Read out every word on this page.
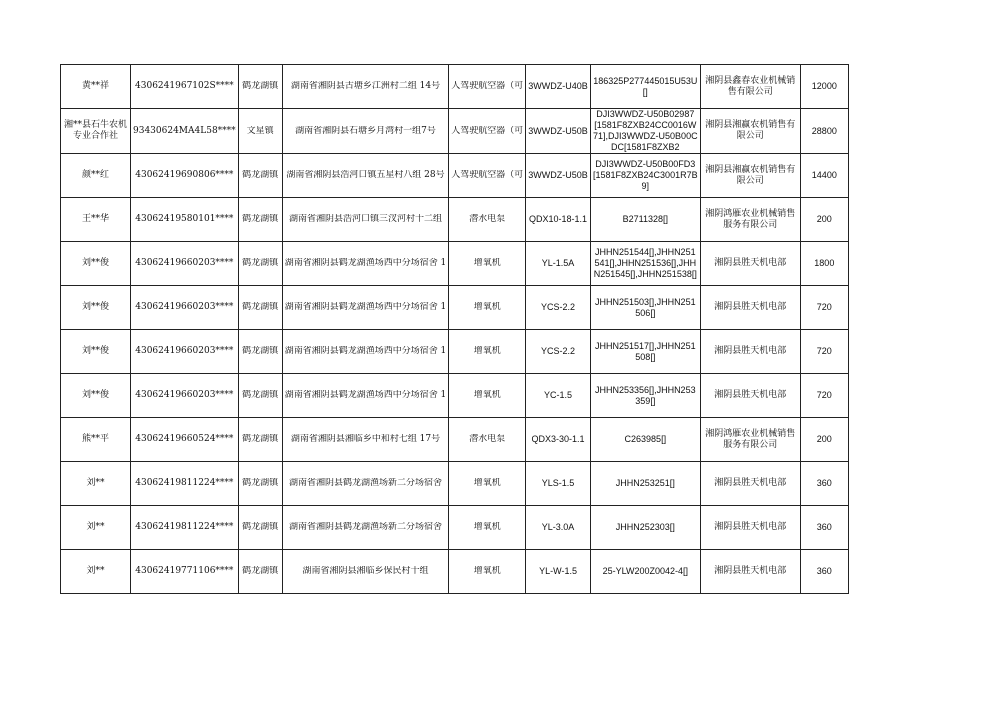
黄**祥	4306241967102S****	鹤龙湖镇	湖南省湘阴县古塘乡江洲村二组 14号	人驾驶航空器（可	3WWDZ-U40B	186325P277445015U53U[]	湘阴县鑫春农业机械销售有限公司	12000

湘**县石牛农机专业合作社	93430624MA4L58****	文星镇	湖南省湘阴县石塘乡月湾村一组7号	人驾驶航空器（可	3WWDZ-U50B	DJI3WWDZ-U50B02987[1581F8ZXB24CC0016W71],DJI3WWDZ-U50B00CDC[1581F8ZXB2	湘阴县湘赢农机销售有限公司	28800

颜**红	43062419690806****	鹤龙湖镇	湖南省湘阴县浩河口镇五星村八组 28号	人驾驶航空器（可	3WWDZ-U50B	DJI3WWDZ-U50B00FD3[1581F8ZXB24C3001R7B9]	湘阴县湘赢农机销售有限公司	14400

王**华	43062419580101****	鹤龙湖镇	湖南省湘阴县浩河口镇三汊河村十二组	潜水电泵	QDX10-18-1.1	B2711328[]	湘阴鸿雁农业机械销售服务有限公司	200

刘**俊	43062419660203****	鹤龙湖镇	湖南省湘阴县鹤龙湖渔场西中分场宿舍 1	增氧机	YL-1.5A	JHHN251544[],JHHN251541[],JHHN251536[],JHHN251545[],JHHN251538[]	湘阴县胜天机电部	1800

刘**俊	43062419660203****	鹤龙湖镇	湖南省湘阴县鹤龙湖渔场西中分场宿舍 1	增氧机	YCS-2.2	JHHN251503[],JHHN251506[]	湘阴县胜天机电部	720

刘**俊	43062419660203****	鹤龙湖镇	湖南省湘阴县鹤龙湖渔场西中分场宿舍 1	增氧机	YCS-2.2	JHHN251517[],JHHN251508[]	湘阴县胜天机电部	720

刘**俊	43062419660203****	鹤龙湖镇	湖南省湘阴县鹤龙湖渔场西中分场宿舍 1	增氧机	YC-1.5	JHHN253356[],JHHN253359[]	湘阴县胜天机电部	720

熊**平	43062419660524****	鹤龙湖镇	湖南省湘阴县湘临乡中和村七组 17号	潜水电泵	QDX3-30-1.1	C263985[]	湘阴鸿雁农业机械销售服务有限公司	200

刘**	43062419811224****	鹤龙湖镇	湖南省湘阴县鹤龙湖渔场新二分场宿舍	增氧机	YLS-1.5	JHHN253251[]	湘阴县胜天机电部	360

刘**	43062419811224****	鹤龙湖镇	湖南省湘阴县鹤龙湖渔场新二分场宿舍	增氧机	YL-3.0A	JHHN252303[]	湘阴县胜天机电部	360

刘**	43062419771106****	鹤龙湖镇	湖南省湘阴县湘临乡保民村十组	增氧机	YL-W-1.5	25-YLW200Z0042-4[]	湘阴县胜天机电部	360
